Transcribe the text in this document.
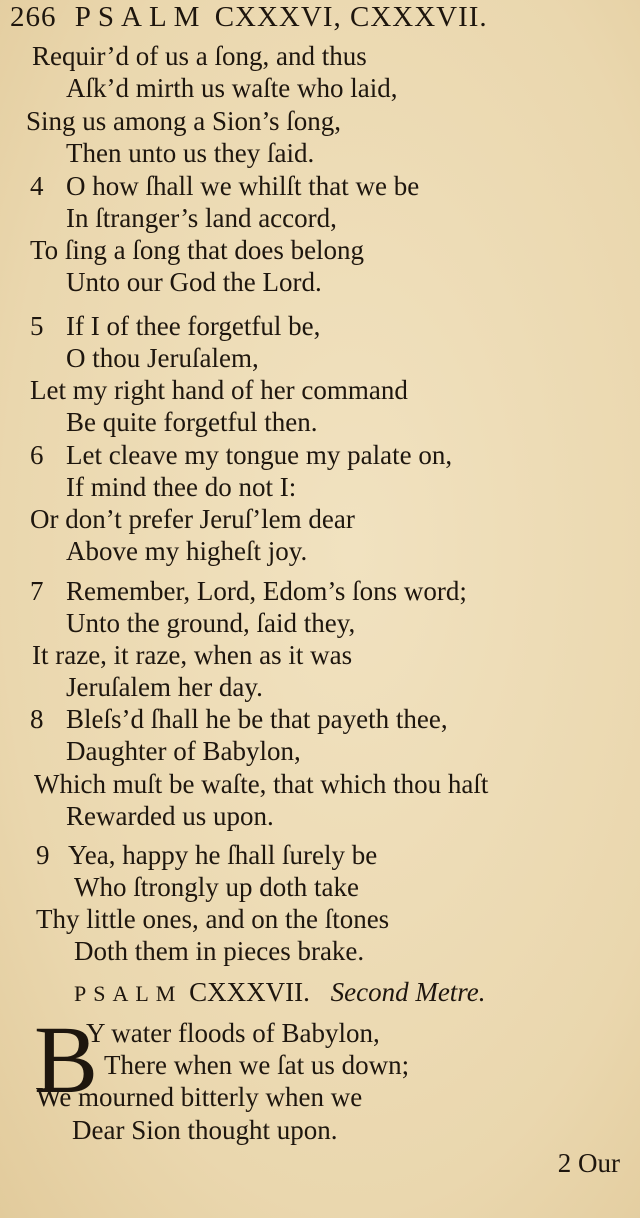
266 PSALM CXXXVI, CXXXVII.
Requir’d of us a ſong, and thus
Aſk’d mirth us waſte who laid,
Sing us among a Sion’s ſong,
Then unto us they ſaid.
4 O how ſhall we whilſt that we be
In ſtranger’s land accord,
To ſing a ſong that does belong
Unto our God the Lord.
5 If I of thee forgetful be,
O thou Jeruſalem,
Let my right hand of her command
Be quite forgetful then.
6 Let cleave my tongue my palate on,
If mind thee do not I:
Or don’t prefer Jeruſ’lem dear
Above my higheſt joy.
7 Remember, Lord, Edom’s ſons word;
Unto the ground, ſaid they,
It raze, it raze, when as it was
Jeruſalem her day.
8 Bleſs’d ſhall he be that payeth thee,
Daughter of Babylon,
Which muſt be waſte, that which thou haſt
Rewarded us upon.
9 Yea, happy he ſhall ſurely be
Who ſtrongly up doth take
Thy little ones, and on the ſtones
Doth them in pieces brake.
PSALM CXXXVII. Second Metre.
B
Y water floods of Babylon,
There when we ſat us down;
We mourned bitterly when we
Dear Sion thought upon.
2 Our
